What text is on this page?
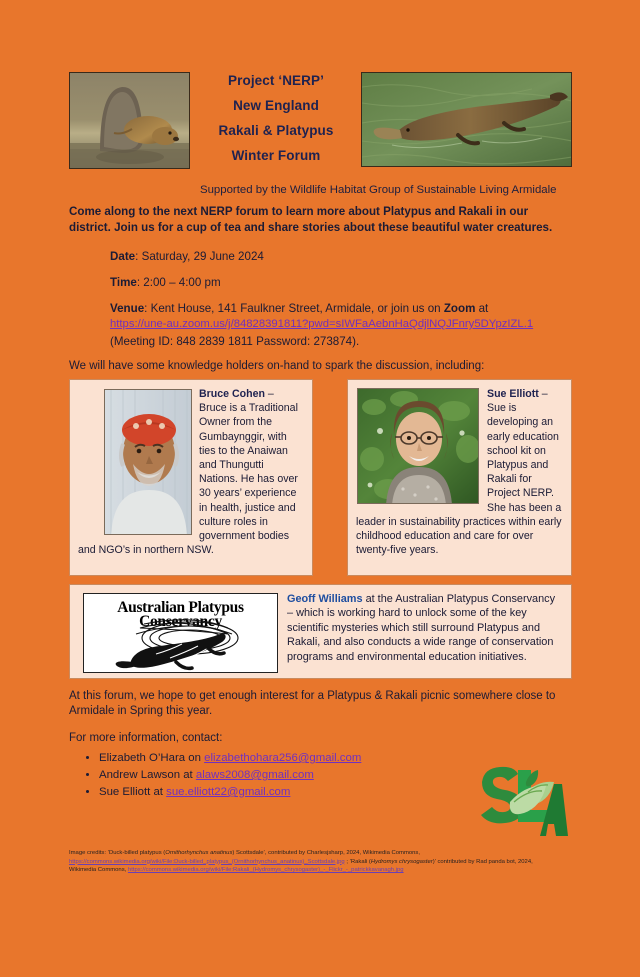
Project ‘NERP’
New England
Rakali & Platypus
Winter Forum
Supported by the Wildlife Habitat Group of Sustainable Living Armidale
Come along to the next NERP forum to learn more about Platypus and Rakali in our district. Join us for a cup of tea and share stories about these beautiful water creatures.
Date: Saturday, 29 June 2024
Time: 2:00 – 4:00 pm
Venue: Kent House, 141 Faulkner Street, Armidale, or join us on Zoom at
https://une-au.zoom.us/j/84828391811?pwd=sIWFaAebnHaQdjlNQJFnry5DYpzIZL.1
(Meeting ID: 848 2839 1811 Password: 273874).
We will have some knowledge holders on-hand to spark the discussion, including:
Bruce Cohen – Bruce is a Traditional Owner from the Gumbaynggir, with ties to the Anaiwan and Thungutti Nations. He has over 30 years’ experience in health, justice and culture roles in government bodies and NGO’s in northern NSW.
Sue Elliott – Sue is developing an early education school kit on Platypus and Rakali for Project NERP. She has been a leader in sustainability practices within early childhood education and care for over twenty-five years.
Australian Platypus Conservancy
Geoff Williams at the Australian Platypus Conservancy – which is working hard to unlock some of the key scientific mysteries which still surround Platypus and Rakali, and also conducts a wide range of conservation programs and environmental education initiatives.
At this forum, we hope to get enough interest for a Platypus & Rakali picnic somewhere close to Armidale in Spring this year.
For more information, contact:
• Elizabeth O’Hara on elizabethohara256@gmail.com
• Andrew Lawson at alaws2008@gmail.com
• Sue Elliott at sue.elliott22@gmail.com
Image credits: ‘Duck-billed platypus (Ornithorhynchus anatinus) Scottsdale’, contributed by Charlesjsharp, 2024, Wikimedia Commons, https://commons.wikimedia.org/wiki/File:Duck-billed_platypus_(Ornithorhynchus_anatinus)_Scottsdale.jpg ; ‘Rakali (Hydromys chrysogaster)’ contributed by Rad panda bot, 2024, Wikimedia Commons, https://commons.wikimedia.org/wiki/File:Rakali_(Hydromys_chrysogaster)_-_Flickr_-_patrickkavanagh.jpg
